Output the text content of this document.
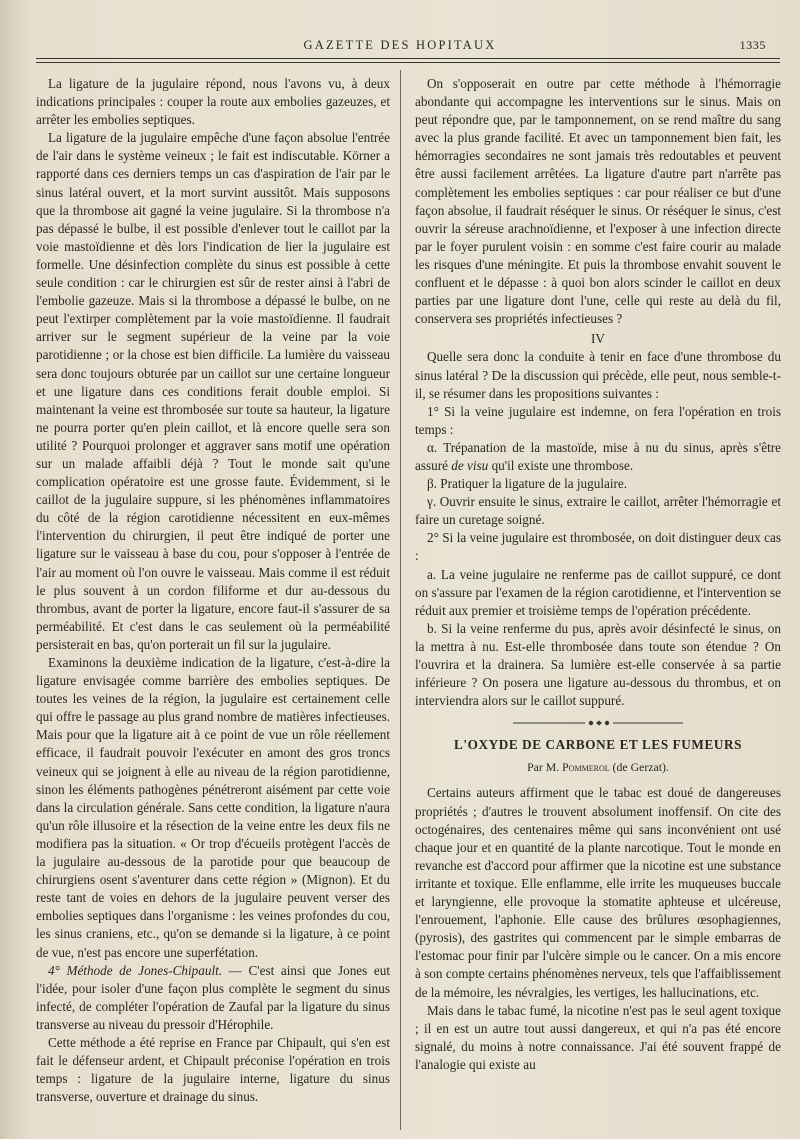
GAZETTE DES HOPITAUX	1335

La ligature de la jugulaire répond, nous l'avons vu, à deux indications principales : couper la route aux embolies gazeuzes, et arrêter les embolies septiques.

La ligature de la jugulaire empêche d'une façon absolue l'entrée de l'air dans le système veineux ; le fait est indiscutable. Körner a rapporté dans ces derniers temps un cas d'aspiration de l'air par le sinus latéral ouvert, et la mort survint aussitôt. Mais supposons que la thrombose ait gagné la veine jugulaire. Si la thrombose n'a pas dépassé le bulbe, il est possible d'enlever tout le caillot par la voie mastoïdienne et dès lors l'indication de lier la jugulaire est formelle. Une désinfection complète du sinus est possible à cette seule condition : car le chirurgien est sûr de rester ainsi à l'abri de l'embolie gazeuze. Mais si la thrombose a dépassé le bulbe, on ne peut l'extirper complètement par la voie mastoïdienne. Il faudrait arriver sur le segment supérieur de la veine par la voie parotidienne ; or la chose est bien difficile. La lumière du vaisseau sera donc toujours obturée par un caillot sur une certaine longueur et une ligature dans ces conditions ferait double emploi. Si maintenant la veine est thrombosée sur toute sa hauteur, la ligature ne pourra porter qu'en plein caillot, et là encore quelle sera son utilité ? Pourquoi prolonger et aggraver sans motif une opération sur un malade affaibli déjà ? Tout le monde sait qu'une complication opératoire est une grosse faute. Évidemment, si le caillot de la jugulaire suppure, si les phénomènes inflammatoires du côté de la région carotidienne nécessitent en eux-mêmes l'intervention du chirurgien, il peut être indiqué de porter une ligature sur le vaisseau à base du cou, pour s'opposer à l'entrée de l'air au moment où l'on ouvre le vaisseau. Mais comme il est réduit le plus souvent à un cordon filiforme et dur au-dessous du thrombus, avant de porter la ligature, encore faut-il s'assurer de sa perméabilité. Et c'est dans le cas seulement où la perméabilité persisterait en bas, qu'on porterait un fil sur la jugulaire.

Examinons la deuxième indication de la ligature, c'est-à-dire la ligature envisagée comme barrière des embolies septiques. De toutes les veines de la région, la jugulaire est certainement celle qui offre le passage au plus grand nombre de matières infectieuses. Mais pour que la ligature ait à ce point de vue un rôle réellement efficace, il faudrait pouvoir l'exécuter en amont des gros troncs veineux qui se joignent à elle au niveau de la région parotidienne, sinon les éléments pathogènes pénétreront aisément par cette voie dans la circulation générale. Sans cette condition, la ligature n'aura qu'un rôle illusoire et la résection de la veine entre les deux fils ne modifiera pas la situation. « Or trop d'écueils protègent l'accès de la jugulaire au-dessous de la parotide pour que beaucoup de chirurgiens osent s'aventurer dans cette région » (Mignon). Et du reste tant de voies en dehors de la jugulaire peuvent verser des embolies septiques dans l'organisme : les veines profondes du cou, les sinus craniens, etc., qu'on se demande si la ligature, à ce point de vue, n'est pas encore une superfétation.

4° Méthode de Jones-Chipault. — C'est ainsi que Jones eut l'idée, pour isoler d'une façon plus complète le segment du sinus infecté, de compléter l'opération de Zaufal par la ligature du sinus transverse au niveau du pressoir d'Hérophile.

Cette méthode a été reprise en France par Chipault, qui s'en est fait le défenseur ardent, et Chipault préconise l'opération en trois temps : ligature de la jugulaire interne, ligature du sinus transverse, ouverture et drainage du sinus.

On s'opposerait en outre par cette méthode à l'hémorragie abondante qui accompagne les interventions sur le sinus. Mais on peut répondre que, par le tamponnement, on se rend maître du sang avec la plus grande facilité. Et avec un tamponnement bien fait, les hémorragies secondaires ne sont jamais très redoutables et peuvent être aussi facilement arrêtées. La ligature d'autre part n'arrête pas complètement les embolies septiques : car pour réaliser ce but d'une façon absolue, il faudrait réséquer le sinus. Or réséquer le sinus, c'est ouvrir la séreuse arachnoïdienne, et l'exposer à une infection directe par le foyer purulent voisin : en somme c'est faire courir au malade les risques d'une méningite. Et puis la thrombose envahit souvent le confluent et le dépasse : à quoi bon alors scinder le caillot en deux parties par une ligature dont l'une, celle qui reste au delà du fil, conservera ses propriétés infectieuses ?

IV

Quelle sera donc la conduite à tenir en face d'une thrombose du sinus latéral ? De la discussion qui précède, elle peut, nous semble-t-il, se résumer dans les propositions suivantes :

1° Si la veine jugulaire est indemne, on fera l'opération en trois temps :

α. Trépanation de la mastoïde, mise à nu du sinus, après s'être assuré de visu qu'il existe une thrombose.

β. Pratiquer la ligature de la jugulaire.

γ. Ouvrir ensuite le sinus, extraire le caillot, arrêter l'hémorragie et faire un curetage soigné.

2° Si la veine jugulaire est thrombosée, on doit distinguer deux cas :

a. La veine jugulaire ne renferme pas de caillot suppuré, ce dont on s'assure par l'examen de la région carotidienne, et l'intervention se réduit aux premier et troisième temps de l'opération précédente.

b. Si la veine renferme du pus, après avoir désinfecté le sinus, on la mettra à nu. Est-elle thrombosée dans toute son étendue ? On l'ouvrira et la drainera. Sa lumière est-elle conservée à sa partie inférieure ? On posera une ligature au-dessous du thrombus, et on interviendra alors sur le caillot suppuré.

L'OXYDE DE CARBONE ET LES FUMEURS
Par M. Pommerol (de Gerzat).

Certains auteurs affirment que le tabac est doué de dangereuses propriétés ; d'autres le trouvent absolument inoffensif. On cite des octogénaires, des centenaires même qui sans inconvénient ont usé chaque jour et en quantité de la plante narcotique. Tout le monde en revanche est d'accord pour affirmer que la nicotine est une substance irritante et toxique. Elle enflamme, elle irrite les muqueuses buccale et laryngienne, elle provoque la stomatite aphteuse et ulcéreuse, l'enrouement, l'aphonie. Elle cause des brûlures œsophagiennes, (pyrosis), des gastrites qui commencent par le simple embarras de l'estomac pour finir par l'ulcère simple ou le cancer. On a mis encore à son compte certains phénomènes nerveux, tels que l'affaiblissement de la mémoire, les névralgies, les vertiges, les hallucinations, etc.

Mais dans le tabac fumé, la nicotine n'est pas le seul agent toxique ; il en est un autre tout aussi dangereux, et qui n'a pas été encore signalé, du moins à notre connaissance. J'ai été souvent frappé de l'analogie qui existe au
